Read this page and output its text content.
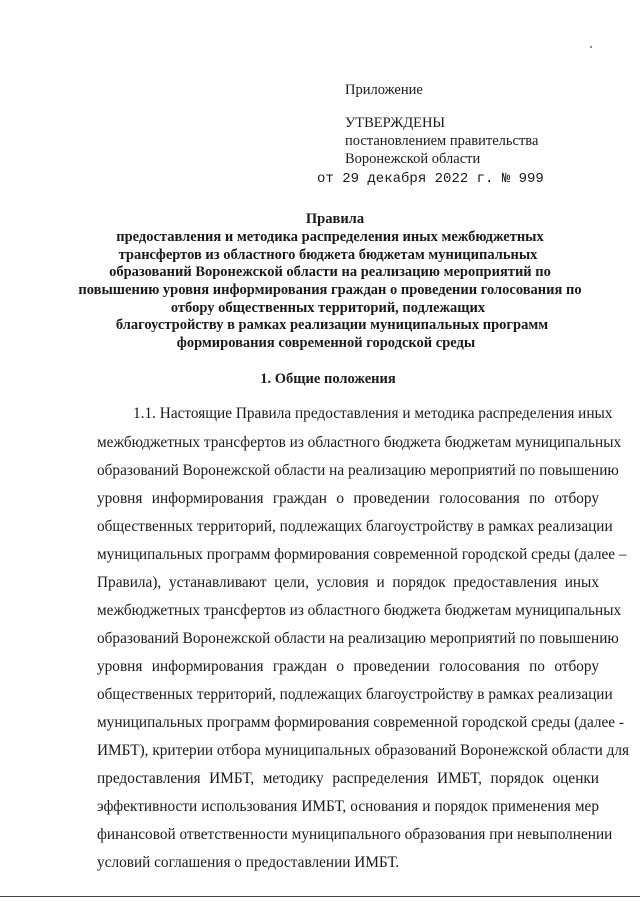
Приложение
УТВЕРЖДЕНЫ
постановлением правительства
Воронежской области
от 29 декабря 2022 г. № 999
Правила
предоставления и методика распределения иных межбюджетных
трансфертов из областного бюджета бюджетам муниципальных
образований Воронежской области на реализацию мероприятий по
повышению уровня информирования граждан о проведении голосования по
отбору общественных территорий, подлежащих
благоустройству в рамках реализации муниципальных программ
формирования современной городской среды
1. Общие положения
1.1. Настоящие Правила предоставления и методика распределения иных
межбюджетных трансфертов из областного бюджета бюджетам муниципальных
образований Воронежской области на реализацию мероприятий по повышению
уровня информирования граждан о проведении голосования по отбору
общественных территорий, подлежащих благоустройству в рамках реализации
муниципальных программ формирования современной городской среды (далее –
Правила), устанавливают цели, условия и порядок предоставления иных
межбюджетных трансфертов из областного бюджета бюджетам муниципальных
образований Воронежской области на реализацию мероприятий по повышению
уровня информирования граждан о проведении голосования по отбору
общественных территорий, подлежащих благоустройству в рамках реализации
муниципальных программ формирования современной городской среды (далее -
ИМБТ), критерии отбора муниципальных образований Воронежской области для
предоставления ИМБТ, методику распределения ИМБТ, порядок оценки
эффективности использования ИМБТ, основания и порядок применения мер
финансовой ответственности муниципального образования при невыполнении
условий соглашения о предоставлении ИМБТ.
